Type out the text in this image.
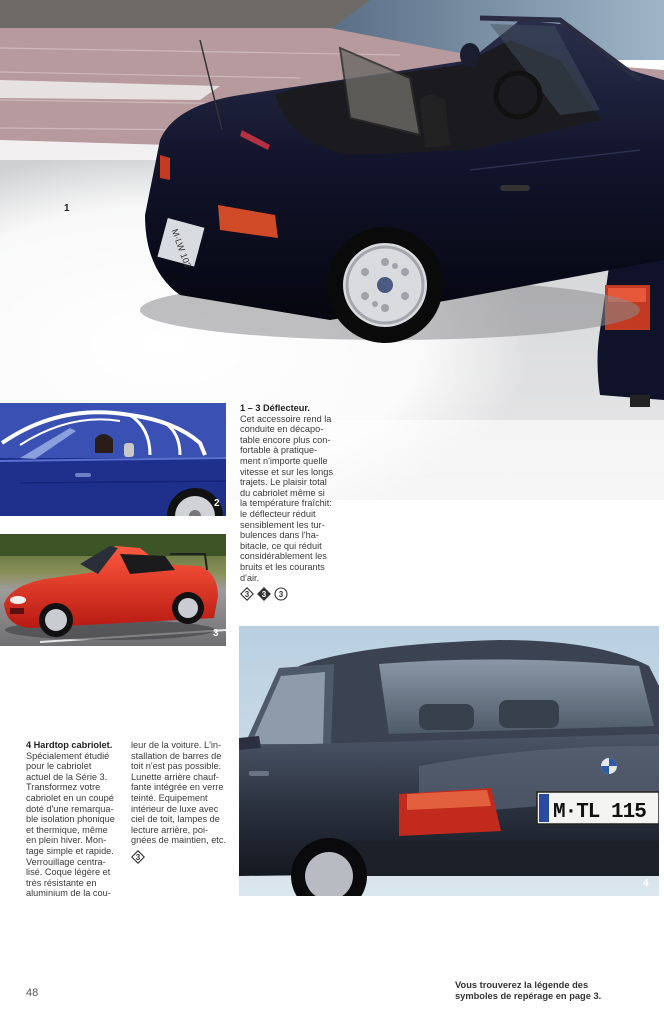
M·LW 102
1
2
3
1 – 3 Déflecteur.
Cet accessoire rend la
conduite en décapo-
table encore plus con-
fortable à pratique-
ment n'importe quelle
vitesse et sur les longs
trajets. Le plaisir total
du cabriolet même si
la température fraîchit:
le déflecteur réduit
sensiblement les tur-
bulences dans l'ha-
bitacle, ce qui réduit
considérablement les
bruits et les courants
d'air.
3 3 3
M·TL 115
4
4 Hardtop cabriolet.
Spécialement étudié
pour le cabriolet
actuel de la Série 3.
Transformez votre
cabriolet en un coupé
doté d'une remarqua-
ble isolation phonique
et thermique, même
en plein hiver. Mon-
tage simple et rapide.
Verrouillage centra-
lisé. Coque légère et
très résistante en
aluminium de la cou-
leur de la voiture. L'in-
stallation de barres de
toit n'est pas possible.
Lunette arrière chauf-
fante intégrée en verre
teinté. Equipement
intérieur de luxe avec
ciel de toit, lampes de
lecture arrière, poi-
gnées de maintien, etc.
3
48
Vous trouverez la légende des
symboles de repérage en page 3.
